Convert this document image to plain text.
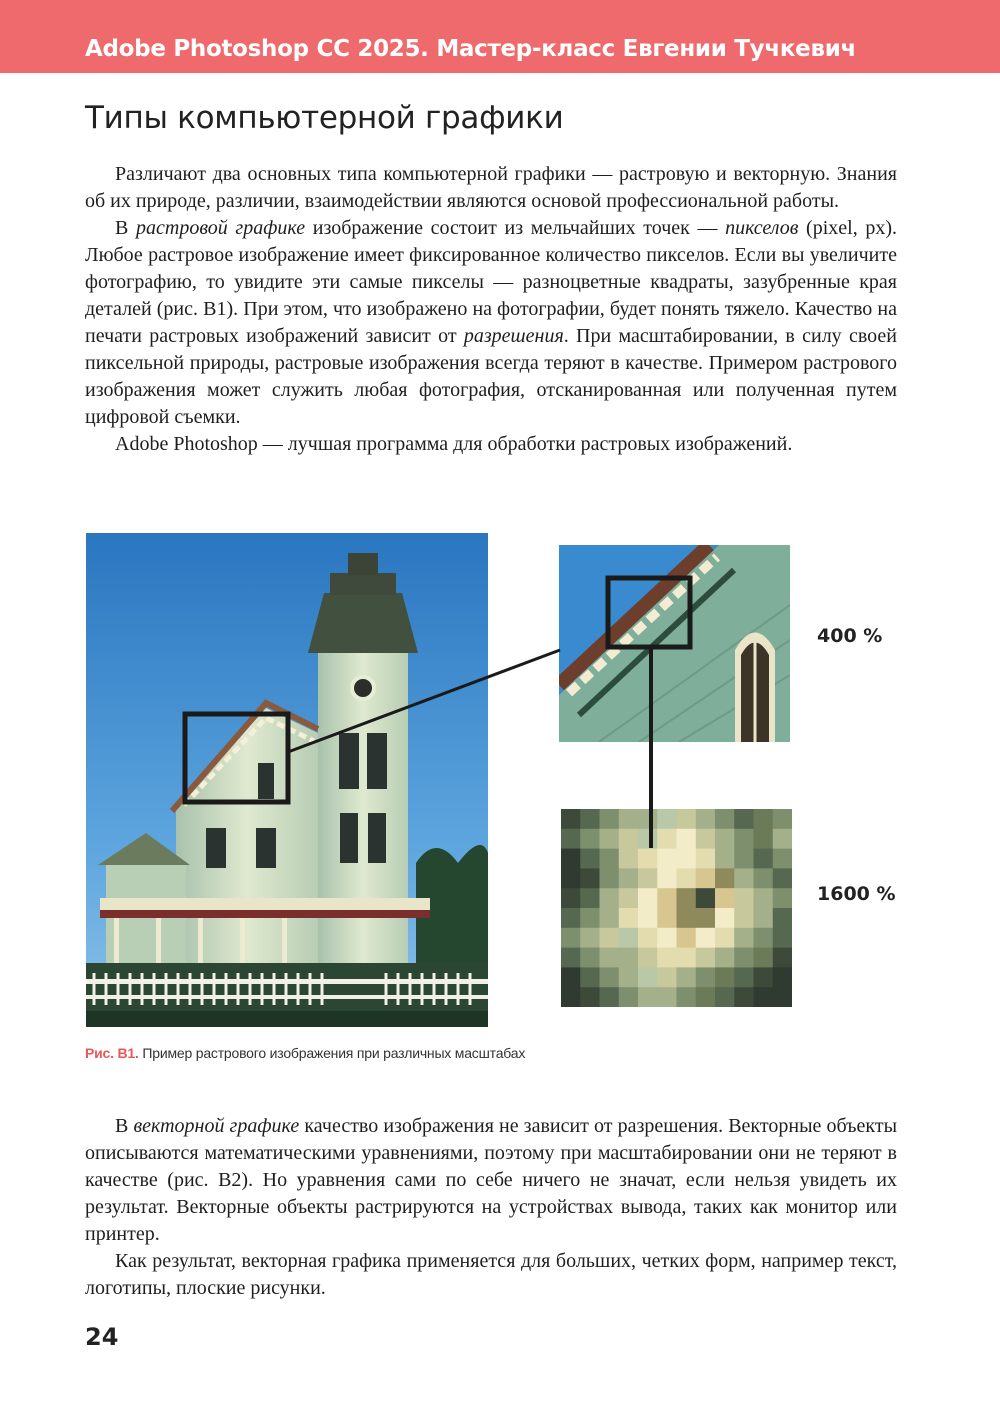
Adobe Photoshop CC 2025. Мастер-класс Евгении Тучкевич
Типы компьютерной графики

Различают два основных типа компьютерной графики — растровую и векторную. Знания об их природе, различии, взаимодействии являются основой профессиональной работы.

В растровой графике изображение состоит из мельчайших точек — пикселов (pixel, px). Любое растровое изображение имеет фиксированное количество пикселов. Если вы увеличите фотографию, то увидите эти самые пикселы — разноцветные квадраты, зазубренные края деталей (рис. В1). При этом, что изображено на фотографии, будет понять тяжело. Качество на печати растровых изображений зависит от разрешения. При масштабировании, в силу своей пиксельной природы, растровые изображения всегда теряют в качестве. Примером растрового изображения может служить любая фотография, отсканированная или полученная путем цифровой съемки.

Adobe Photoshop — лучшая программа для обработки растровых изображений.

400 %
1600 %
Рис. В1. Пример растрового изображения при различных масштабах

В векторной графике качество изображения не зависит от разрешения. Векторные объекты описываются математическими уравнениями, поэтому при масштабировании они не теряют в качестве (рис. В2). Но уравнения сами по себе ничего не значат, если нельзя увидеть их результат. Векторные объекты растрируются на устройствах вывода, таких как монитор или принтер.

Как результат, векторная графика применяется для больших, четких форм, например текст, логотипы, плоские рисунки.

24
